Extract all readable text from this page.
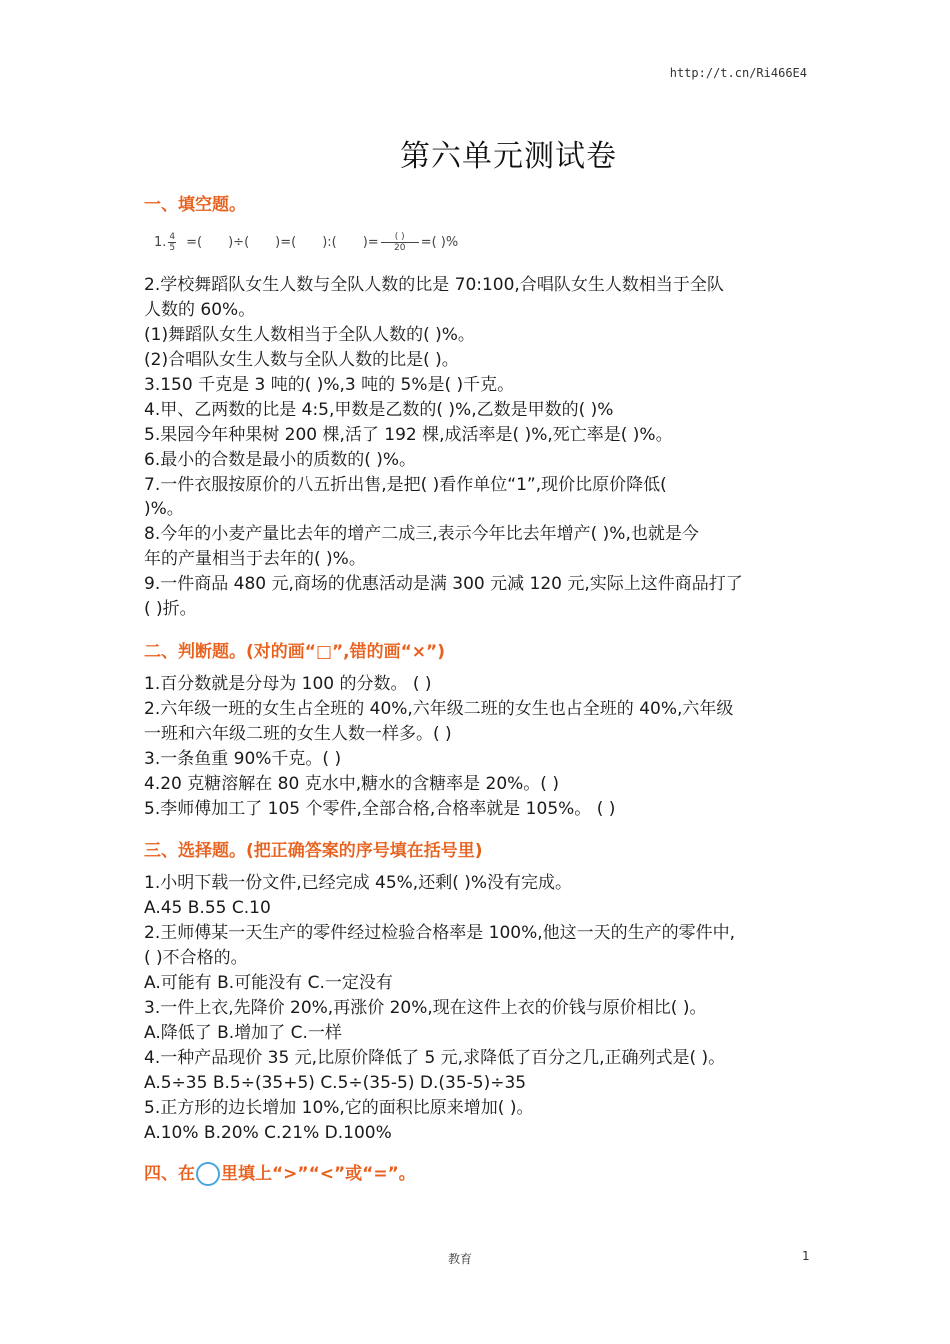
http://t.cn/Ri466E4
第六单元测试卷
一、填空题。
1. $\frac{4}{5}$ =( )÷( )=( ):( )= $\frac{( )}{20}$ =( )%
2.学校舞蹈队女生人数与全队人数的比是 70:100,合唱队女生人数相当于全队
人数的 60%。
(1)舞蹈队女生人数相当于全队人数的( )%。
(2)合唱队女生人数与全队人数的比是( )。
3.150 千克是 3 吨的( )%,3 吨的 5%是( )千克。
4.甲、乙两数的比是 4:5,甲数是乙数的( )%,乙数是甲数的( )%
5.果园今年种果树 200 棵,活了 192 棵,成活率是( )%,死亡率是( )%。
6.最小的合数是最小的质数的( )%。
7.一件衣服按原价的八五折出售,是把( )看作单位“1”,现价比原价降低(
)%。
8.今年的小麦产量比去年的增产二成三,表示今年比去年增产( )%,也就是今
年的产量相当于去年的( )%。
9.一件商品 480 元,商场的优惠活动是满 300 元减 120 元,实际上这件商品打了
( )折。
二、判断题。(对的画“□”,错的画“×”)
1.百分数就是分母为 100 的分数。 ( )
2.六年级一班的女生占全班的 40%,六年级二班的女生也占全班的 40%,六年级
一班和六年级二班的女生人数一样多。( )
3.一条鱼重 90%千克。( )
4.20 克糖溶解在 80 克水中,糖水的含糖率是 20%。( )
5.李师傅加工了 105 个零件,全部合格,合格率就是 105%。 ( )
三、选择题。(把正确答案的序号填在括号里)
1.小明下载一份文件,已经完成 45%,还剩( )%没有完成。
A.45 B.55 C.10
2.王师傅某一天生产的零件经过检验合格率是 100%,他这一天的生产的零件中,
( )不合格的。
A.可能有 B.可能没有 C.一定没有
3.一件上衣,先降价 20%,再涨价 20%,现在这件上衣的价钱与原价相比( )。
A.降低了 B.增加了 C.一样
4.一种产品现价 35 元,比原价降低了 5 元,求降低了百分之几,正确列式是( )。
A.5÷35 B.5÷(35+5) C.5÷(35-5) D.(35-5)÷35
5.正方形的边长增加 10%,它的面积比原来增加( )。
A.10% B.20% C.21% D.100%
四、在 里填上“>”“<”或“=”。
教育	1
